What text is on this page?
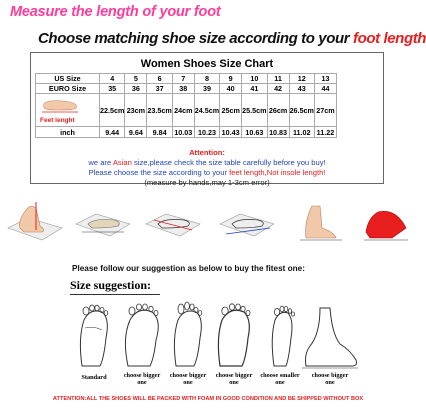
Measure the length of your foot
Choose matching shoe size according to your foot length
Women Shoes Size Chart
US Size	4	5	6	7	8	9	10	11	12	13
EURO Size	35	36	37	38	39	40	41	42	43	44

Feet lenght	22.5cm	23cm	23.5cm	24cm	24.5cm	25cm	25.5cm	26cm	26.5cm	27cm
inch	9.44	9.64	9.84	10.03	10.23	10.43	10.63	10.83	11.02	11.22
Attention:
we are Asian size,please check the size table carefully before you buy!
Please choose the size according to your feet length,Not insole length!
(measure by hands,may 1-3cm error)
Please follow our suggestion as below to buy the fitest one:
Size suggestion:
Standard	choose bigger one
choose bigger one
choose bigger one
choose smaller one
choose bigger one
ATTENTION:ALL THE SHOES WILL BE PACKED WITH FOAM IN GOOD CONDITION AND BE SHIPPED WITHOUT BOX
